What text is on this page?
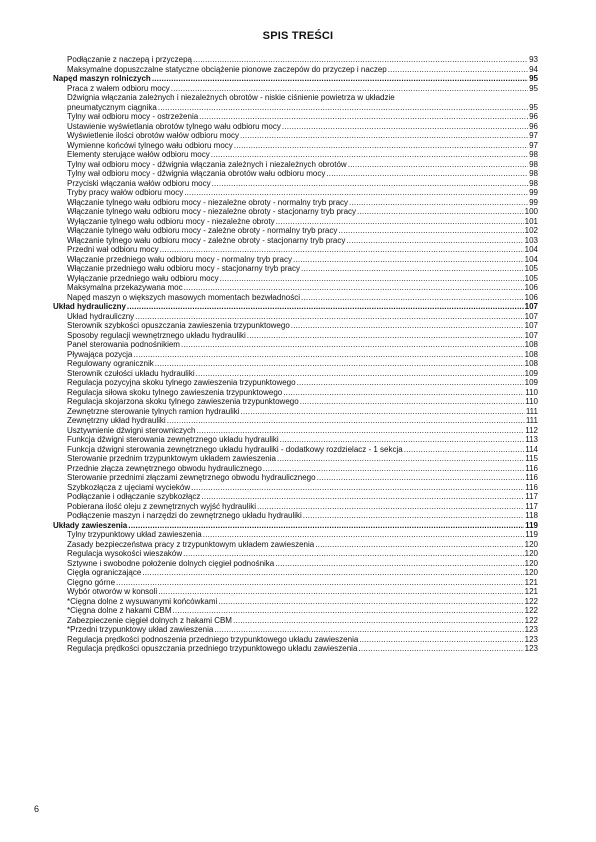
SPIS TREŚCI
Podłączanie z naczepą i przyczepą .....	93
Maksymalne dopuszczalne statyczne obciążenie pionowe zaczepów do przyczep i naczep .....	94
Napęd maszyn rolniczych .....	95
Praca z wałem odbioru mocy .....	95
Dźwignia włączania zależnych i niezależnych obrotów - niskie ciśnienie powietrza w układzie
pneumatycznym ciągnika .....	95
Tylny wał odbioru mocy - ostrzeżenia .....	96
Ustawienie wyświetlania obrotów tylnego wału odbioru mocy .....	96
Wyświetlenie ilości obrotów wałów odbioru mocy .....	97
Wymienne końcówi tylnego wału odbioru mocy .....	97
Elementy sterujące wałów odbioru mocy .....	98
Tylny wał odbioru mocy - dźwignia włączania zależnych i niezależnych obrotów .....	98
Tylny wał odbioru mocy - dźwignia włączania obrotów wału odbioru mocy .....	98
Przyciski włączania wałów odbioru mocy .....	98
Tryby pracy wałów odbioru mocy .....	99
Włączanie tylnego wału odbioru mocy - niezależne obroty - normalny tryb pracy .....	99
Włączanie tylnego wału odbioru mocy - niezależne obroty - stacjonarny tryb pracy .....	100
Wyłączanie tylnego wału odbioru mocy - niezależne obroty .....	101
Włączanie tylnego wału odbioru mocy - zależne obroty - normalny tryb pracy .....	102
Włączanie tylnego wału odbioru mocy - zależne obroty - stacjonarny tryb pracy .....	103
Przedni wał odbioru mocy .....	104
Włączanie przedniego wału odbioru mocy - normalny tryb pracy .....	104
Włączanie przedniego wału odbioru mocy - stacjonarny tryb pracy .....	105
Wyłączanie przedniego wału odbioru mocy .....	105
Maksymalna przekazywana moc .....	106
Napęd maszyn o większych masowych momentach bezwładności .....	106
Układ hydrauliczny .....	107
Układ hydrauliczny .....	107
Sterownik szybkości opuszczania zawieszenia trzypunktowego .....	107
Sposoby regulacji wewnętrznego układu hydrauliki .....	107
Panel sterowania podnośnikiem .....	108
Pływająca pozycja .....	108
Regulowany ogranicznik .....	108
Sterownik czułości układu hydrauliki .....	109
Regulacja pozycyjna skoku tylnego zawieszenia trzypunktowego .....	109
Regulacja siłowa skoku tylnego zawieszenia trzypunktowego .....	110
Regulacja skojarzona skoku tylnego zawieszenia trzypunktowego .....	110
Zewnętrzne sterowanie tylnych ramion hydrauliki .....	111
Zewnętrzny układ hydrauliki .....	111
Usztywnienie dźwigni sterowniczych .....	112
Funkcja dźwigni sterowania zewnętrznego układu hydrauliki .....	113
Funkcja dźwigni sterowania zewnętrznego układu hydrauliki - dodatkowy rozdzielacz - 1 sekcja .....	114
Sterowanie przednim trzypunktowym układem zawieszenia .....	115
Przednie złącza zewnętrznego obwodu hydraulicznego .....	116
Sterowanie przednimi złączami zewnętrznego obwodu hydraulicznego .....	116
Szybkozłącza z ujęciami wycieków .....	116
Podłączanie i odłączanie szybkozłącz .....	117
Pobierana ilość oleju z zewnętrznych wyjść hydrauliki .....	117
Podłączenie maszyn i narzędzi do zewnętrznego układu hydrauliki .....	118
Układy zawieszenia .....	119
Tylny trzypunktowy układ zawieszenia .....	119
Zasady bezpieczeństwa pracy z trzypunktowym układem zawieszenia .....	120
Regulacja wysokości wieszaków .....	120
Sztywne i swobodne położenie dolnych cięgieł podnośnika .....	120
Cięgła ograniczające .....	120
Cięgno górne .....	121
Wybór otworów w konsoli .....	121
*Cięgna dolne z wysuwanymi końcówkami .....	122
*Cięgna dolne z hakami CBM .....	122
Zabezpieczenie cięgieł dolnych z hakami CBM .....	122
*Przedni trzypunktowy układ zawieszenia .....	123
Regulacja prędkości podnoszenia przedniego trzypunktowego układu zawieszenia .....	123
Regulacja prędkości opuszczania przedniego trzypunktowego układu zawieszenia .....	123
6
